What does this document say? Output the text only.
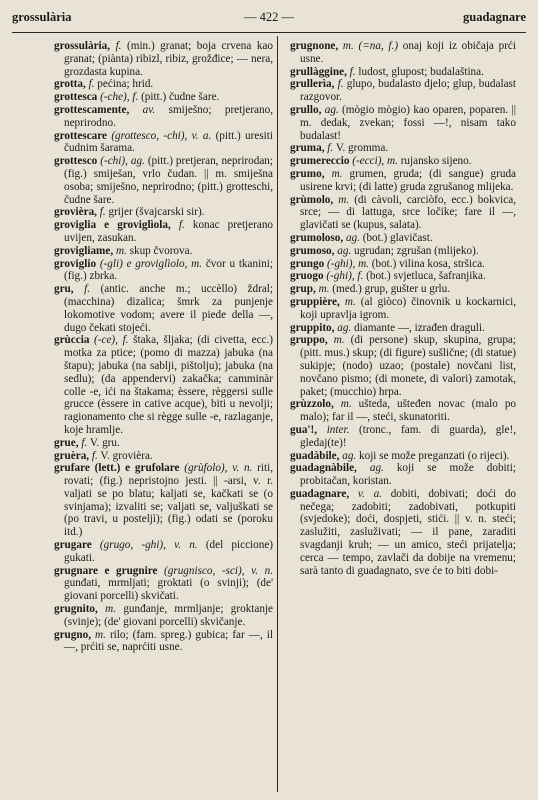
grossulària	— 422 —	guadagnare

grossulària, f. (min.) granat; boja crvena kao granat; (piànta) ribizl, ribiz, grožđice; — nera, grozdasta kupina.

grotta, f. pećina; hrid.

grottesca (-che), f. (pitt.) čudne šare.

grottescamente, av. smiješno; pretjerano, neprirodno.

grottescare (grottesco, -chi), v. a. (pitt.) uresiti čudnim šarama.

grottesco (-chi), ag. (pitt.) pretjeran, neprirodan; (fig.) smiješan, vrlo čudan. || m. smiješna osoba; smiješno, neprirodno; (pitt.) grotteschi, čudne šare.

grovièra, f. grijer (švajcarski sir).

groviglia e groviglìola, f. konac pretjerano uvijen, zasukan.

grovigliame, m. skup čvorova.

groviglio (-gli) e groviglìolo, m. čvor u tkanini; (fig.) zbrka.

gru, f. (antic. anche m.; uccèllo) ždral; (macchina) dizalica; šmrk za punjenje lokomotive vodom; avere il piede della —, dugo čekati stojeći.

grùccia (-ce), f. štaka, šljaka; (di civetta, ecc.) motka za ptice; (pomo di mazza) jabuka (na štapu); jabuka (na sablji, pištolju); jabuka (na sedlu); (da appendervi) zakačka; camminàr colle -e, ići na štakama; èssere, règgersi sulle grucce (èssere in cative acque), biti u nevolji; ragionamento che si règge sulle -e, razlaganje, koje hramlje.

grue, f. V. gru.

gruèra, f. V. grovièra.

grufare (lett.) e grufolare (grùfolo), v. n. riti, rovati; (fig.) nepristojno jesti. || -arsi, v. r. valjati se po blatu; kaljati se, kačkati se (o svinjama); izvaliti se; valjati se, valjuškati se (po travi, u posteljì); (fig.) odati se (poroku itd.)

grugare (grugo, -ghi), v. n. (del piccione) gukati.

grugnare e grugnire (grugnisco, -sci), v. n. gunđati, mrmljati; groktati (o svinji); (de' giovani porcelli) skvičati.

grugnito, m. gunđanje, mrmljanje; groktanje (svinje); (de' giovani porcelli) skvičanje.

grugno, m. rilo; (fam. spreg.) gubica; far —, il —, prćiti se, naprćiti usne.

grugnone, m. (=na, f.) onaj koji iz običaja prći usne.

grullàggine, f. ludost, glupost; budalaština.

grullerìa, f. glupo, budalasto djelo; glup, budalast razgovor.

grullo, ag. (mògio mògio) kao oparen, poparen. || m. dedak, zvekan; fossi —!, nisam tako budalast!

gruma, f. V. gromma.

grumereccio (-ecci), m. rujansko sijeno.

grumo, m. grumen, gruda; (di sangue) gruda usirene krvi; (di latte) gruda zgrušanog mlijeka.

grùmolo, m. (di càvoli, carciòfo, ecc.) bokvica, srce; — di lattuga, srce ločike; fare il —, glavičati se (kupus, salata).

grumoloso, ag. (bot.) glavičast.

grumoso, ag. ugrudan; zgrušan (mlijeko).

grungo (-ghi), m. (bot.) vilina kosa, stršica.

gruogo (-ghi), f. (bot.) svjetluca, šafranjika.

grup, m. (med.) grup, gušter u grlu.

gruppière, m. (al giòco) činovnik u kockarnici, koji upravlja igrom.

gruppito, ag. diamante —, izrađen draguli.

gruppo, m. (di persone) skup, skupina, grupa; (pitt. mus.) skup; (di figure) sušlične; (di statue) sukipje; (nodo) uzao; (postale) novčani list, novčano pismo; (di monete, di valori) zamotak, paket; (mucchio) hrpa.

grùzzolo, m. ušteda, ušteđen novac (malo po malo); far il —, steći, skunatoriti.

gua'!, inter. (tronc., fam. di guarda), gle!, gledaj(te)!

guadàbile, ag. koji se može preganzati (o rijeci).

guadagnàbile, ag. koji se može dobiti; probitačan, koristan.

guadagnare, v. a. dobiti, dobivati; doći do nečega; zadobiti; zadobivati, potkupiti (svjedoke); doći, dospjeti, stići. || v. n. steći; zaslužiti, zasluživati; — il pane, zaraditi svagdanji kruh; — un amico, steći prijatelja; cerca — tempo, zavlači da dobije na vremenu; sarà tanto di guadagnato, sve će to biti dobi-
